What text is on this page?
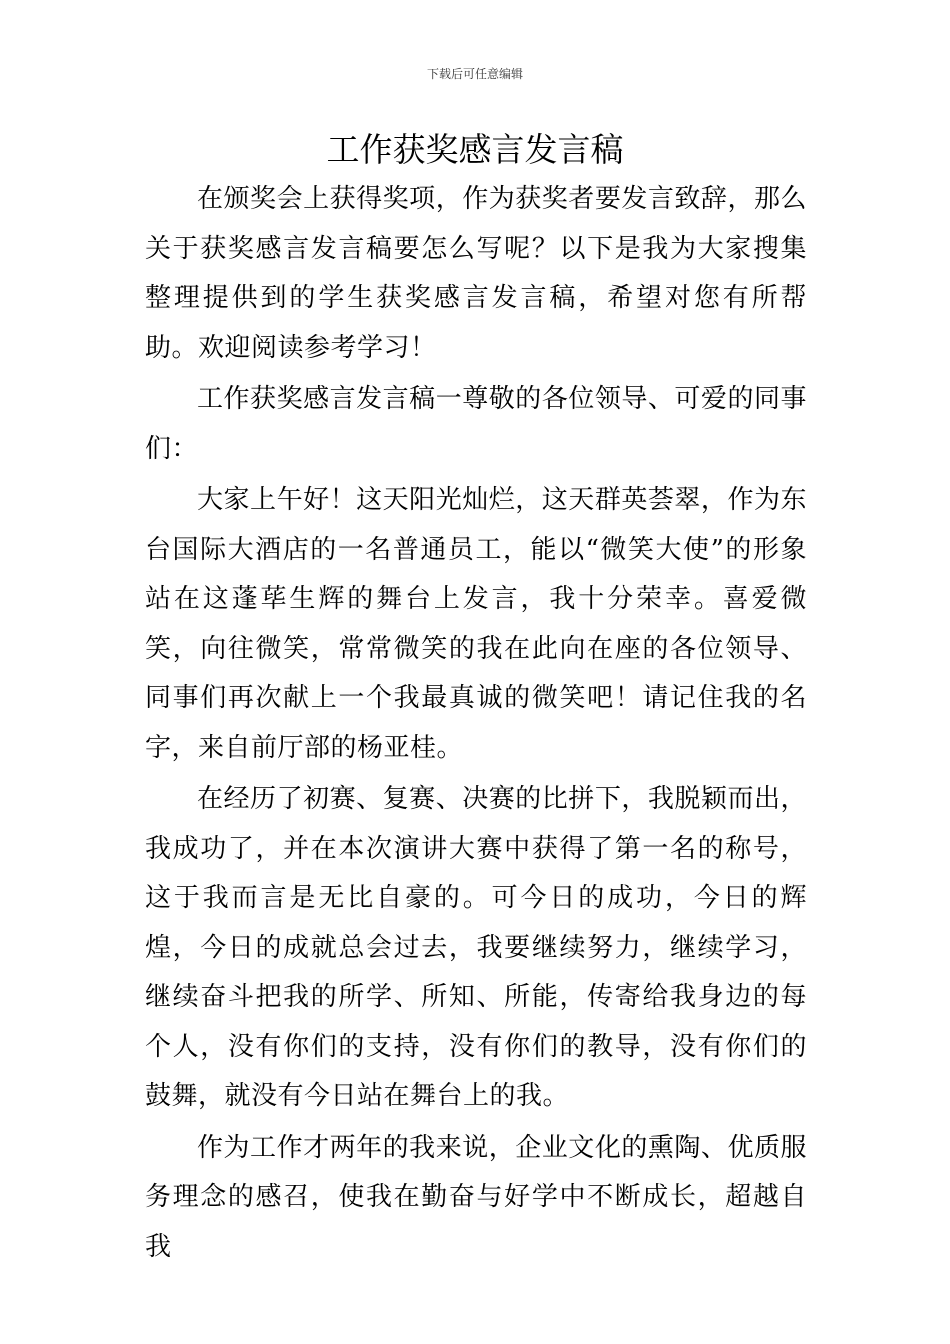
下载后可任意编辑
工作获奖感言发言稿

在颁奖会上获得奖项，作为获奖者要发言致辞，那么关于获奖感言发言稿要怎么写呢？以下是我为大家搜集整理提供到的学生获奖感言发言稿，希望对您有所帮助。欢迎阅读参考学习！

工作获奖感言发言稿一尊敬的各位领导、可爱的同事们：

大家上午好！这天阳光灿烂，这天群英荟翠，作为东台国际大酒店的一名普通员工，能以“微笑大使”的形象站在这蓬荜生辉的舞台上发言，我十分荣幸。喜爱微笑，向往微笑，常常微笑的我在此向在座的各位领导、同事们再次献上一个我最真诚的微笑吧！请记住我的名字，来自前厅部的杨亚桂。

在经历了初赛、复赛、决赛的比拼下，我脱颖而出，我成功了，并在本次演讲大赛中获得了第一名的称号，这于我而言是无比自豪的。可今日的成功，今日的辉煌，今日的成就总会过去，我要继续努力，继续学习，继续奋斗把我的所学、所知、所能，传寄给我身边的每个人，没有你们的支持，没有你们的教导，没有你们的鼓舞，就没有今日站在舞台上的我。

作为工作才两年的我来说，企业文化的熏陶、优质服务理念的感召，使我在勤奋与好学中不断成长，超越自我
